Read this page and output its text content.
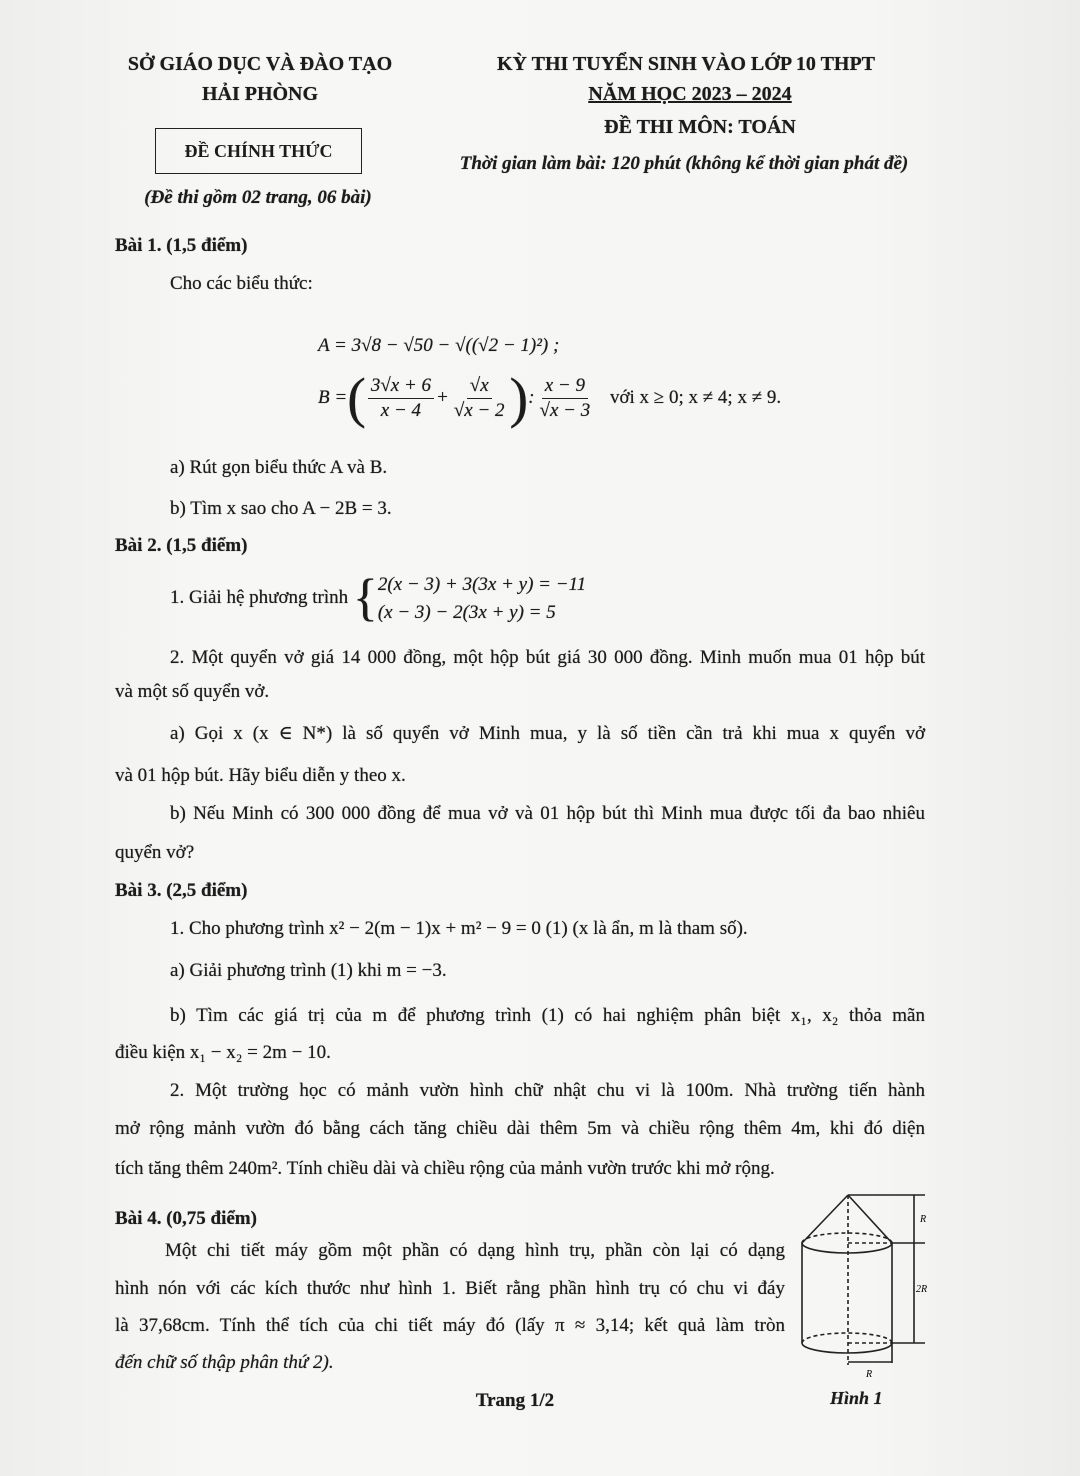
SỞ GIÁO DỤC VÀ ĐÀO TẠO
HẢI PHÒNG
ĐỀ CHÍNH THỨC
(Đề thi gồm 02 trang, 06 bài)
KỲ THI TUYỂN SINH VÀO LỚP 10 THPT
NĂM HỌC 2023 – 2024
ĐỀ THI MÔN: TOÁN
Thời gian làm bài: 120 phút (không kể thời gian phát đề)
Bài 1. (1,5 điểm)
Cho các biểu thức:
A = 3√8 − √50 − √((√2 − 1)²) ;
B =( $\frac{3√x + 6}{x - 4} + \frac{√x}{√x - 2}$ ): $\frac{x - 9}{√x - 3}$ với x ≥ 0; x ≠ 4; x ≠ 9.
a) Rút gọn biểu thức A và B.
b) Tìm x sao cho A − 2B = 3.
Bài 2. (1,5 điểm)
1. Giải hệ phương trình { 2(x − 3) + 3(3x + y) = −11
(x − 3) − 2(3x + y) = 5
2. Một quyển vở giá 14 000 đồng, một hộp bút giá 30 000 đồng. Minh muốn mua 01 hộp bút
và một số quyển vở.
a) Gọi x (x ∈ N*) là số quyển vở Minh mua, y là số tiền cần trả khi mua x quyển vở
và 01 hộp bút. Hãy biểu diễn y theo x.
b) Nếu Minh có 300 000 đồng để mua vở và 01 hộp bút thì Minh mua được tối đa bao nhiêu
quyển vở?
Bài 3. (2,5 điểm)
1. Cho phương trình x² − 2(m − 1)x + m² − 9 = 0 (1) (x là ẩn, m là tham số).
a) Giải phương trình (1) khi m = −3.
b) Tìm các giá trị của m để phương trình (1) có hai nghiệm phân biệt x₁, x₂ thỏa mãn
điều kiện x₁ − x₂ = 2m − 10.
2. Một trường học có mảnh vườn hình chữ nhật chu vi là 100m. Nhà trường tiến hành
mở rộng mảnh vườn đó bằng cách tăng chiều dài thêm 5m và chiều rộng thêm 4m, khi đó diện
tích tăng thêm 240m². Tính chiều dài và chiều rộng của mảnh vườn trước khi mở rộng.
Bài 4. (0,75 điểm)
Một chi tiết máy gồm một phần có dạng hình trụ, phần còn lại có dạng
hình nón với các kích thước như hình 1. Biết rằng phần hình trụ có chu vi đáy
là 37,68cm. Tính thể tích của chi tiết máy đó (lấy π ≈ 3,14; kết quả làm tròn
đến chữ số thập phân thứ 2).
R
2R
R
Hình 1
Trang 1/2
